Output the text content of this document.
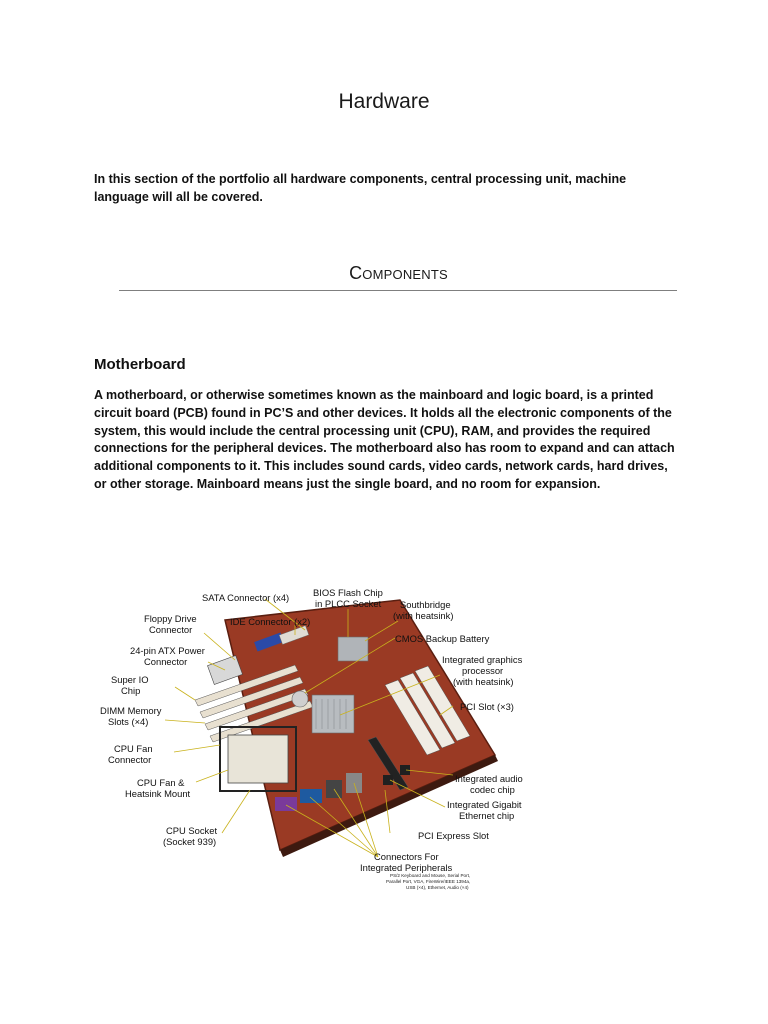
Hardware
In this section of the portfolio all hardware components, central processing unit, machine language will all be covered.
Components
Motherboard
A motherboard, or otherwise sometimes known as the mainboard and logic board, is a printed circuit board (PCB) found in PC’S and other devices. It holds all the electronic components of the system, this would include the central processing unit (CPU), RAM, and provides the required connections for the peripheral devices. The motherboard also has room to expand and can attach additional components to it. This includes sound cards, video cards, network cards, hard drives, or other storage. Mainboard means just the single board, and no room for expansion.
SATA Connector (x4)	BIOS Flash Chip
in PLCC Socket
Floppy Drive
Connector
IDE Connector (x2)
Southbridge
(with heatsink)
CMOS Backup Battery
24-pin ATX Power
Connector	Integrated graphics
processor
(with heatsink)
Super IO
Chip
PCI Slot (×3)
DIMM Memory
Slots (×4)
CPU Fan
Connector
Integrated audio
codec chip
CPU Fan &
Heatsink Mount
Integrated Gigabit
Ethernet chip
CPU Socket
(Socket 939)
PCI Express Slot
Connectors For
Integrated Peripherals
PS/2 Keyboard and Mouse, Serial Port,
Parallel Port, VGA, FireWire/IEEE 1394a,
USB (×4), Ethernet, Audio (×4)
